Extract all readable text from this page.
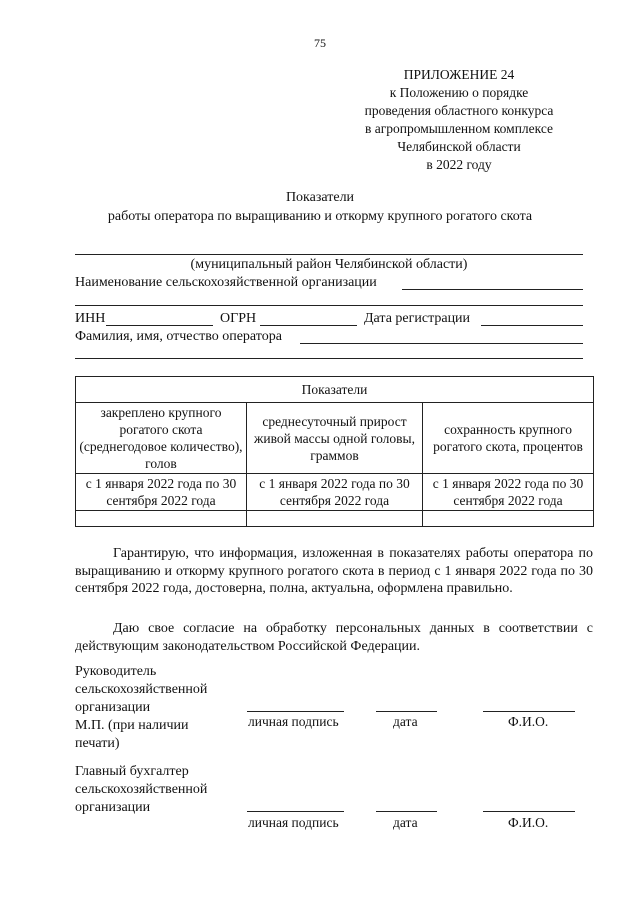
75
ПРИЛОЖЕНИЕ 24
к Положению о порядке
проведения областного конкурса
в агропромышленном комплексе
Челябинской области
в 2022 году
Показатели
работы оператора по выращиванию и откорму крупного рогатого скота
(муниципальный район Челябинской области)
Наименование сельскохозяйственной организации
ИНН	ОГРН	Дата регистрации
Фамилия, имя, отчество оператора
Показатели		
закреплено крупного рогатого скота (среднегодовое количество), голов	среднесуточный прирост живой массы одной головы, граммов	сохранность крупного рогатого скота, процентов
с 1 января 2022 года по 30 сентября 2022 года	с 1 января 2022 года по 30 сентября 2022 года	с 1 января 2022 года по 30 сентября 2022 года

Гарантирую, что информация, изложенная в показателях работы оператора по выращиванию и откорму крупного рогатого скота в период с 1 января 2022 года по 30 сентября 2022 года, достоверна, полна, актуальна, оформлена правильно.
Даю свое согласие на обработку персональных данных в соответствии с действующим законодательством Российской Федерации.
Руководитель
сельскохозяйственной
организации
М.П. (при наличии
печати)
личная подпись	дата	Ф.И.О.
Главный бухгалтер
сельскохозяйственной
организации
личная подпись	дата	Ф.И.О.
